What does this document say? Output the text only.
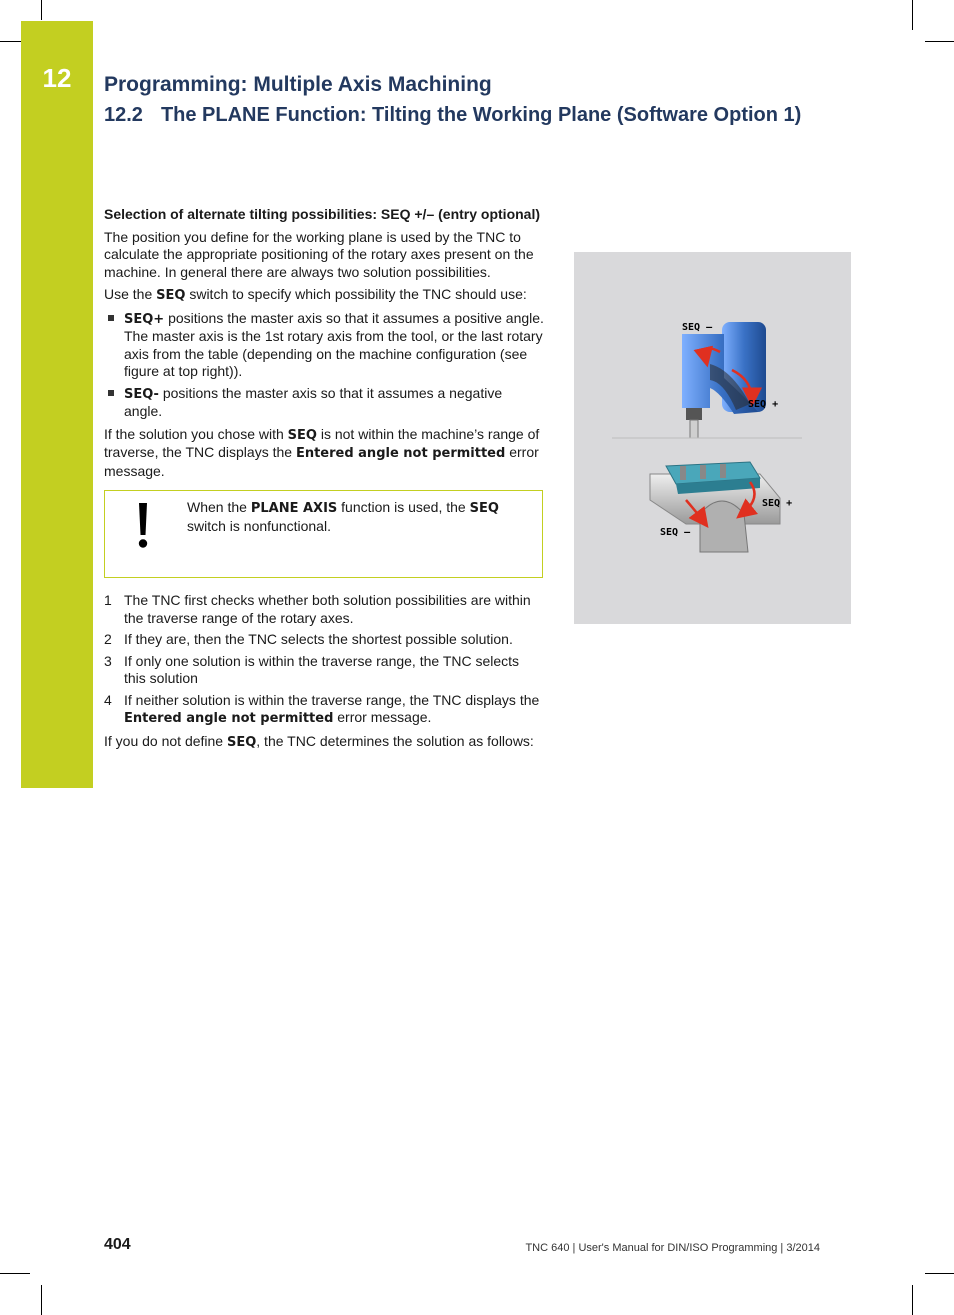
12	Programming: Multiple Axis Machining
12.2 The PLANE Function: Tilting the Working Plane (Software Option 1)

Selection of alternate tilting possibilities: SEQ +/– (entry optional)

The position you define for the working plane is used by the TNC to calculate the appropriate positioning of the rotary axes present on the machine. In general there are always two solution possibilities.

Use the SEQ switch to specify which possibility the TNC should use:

SEQ+ positions the master axis so that it assumes a positive angle. The master axis is the 1st rotary axis from the tool, or the last rotary axis from the table (depending on the machine configuration (see figure at top right)).
SEQ- positions the master axis so that it assumes a negative angle.

If the solution you chose with SEQ is not within the machine’s range of traverse, the TNC displays the Entered angle not permitted error message.

When the PLANE AXIS function is used, the SEQ switch is nonfunctional.
1 The TNC first checks whether both solution possibilities are within the traverse range of the rotary axes.
2 If they are, then the TNC selects the shortest possible solution.
3 If only one solution is within the traverse range, the TNC selects this solution
4 If neither solution is within the traverse range, the TNC displays the Entered angle not permitted error message.

If you do not define SEQ, the TNC determines the solution as follows:

SEQ –
SEQ +
SEQ +
SEQ –
404	TNC 640 | User's Manual for DIN/ISO Programming | 3/2014
